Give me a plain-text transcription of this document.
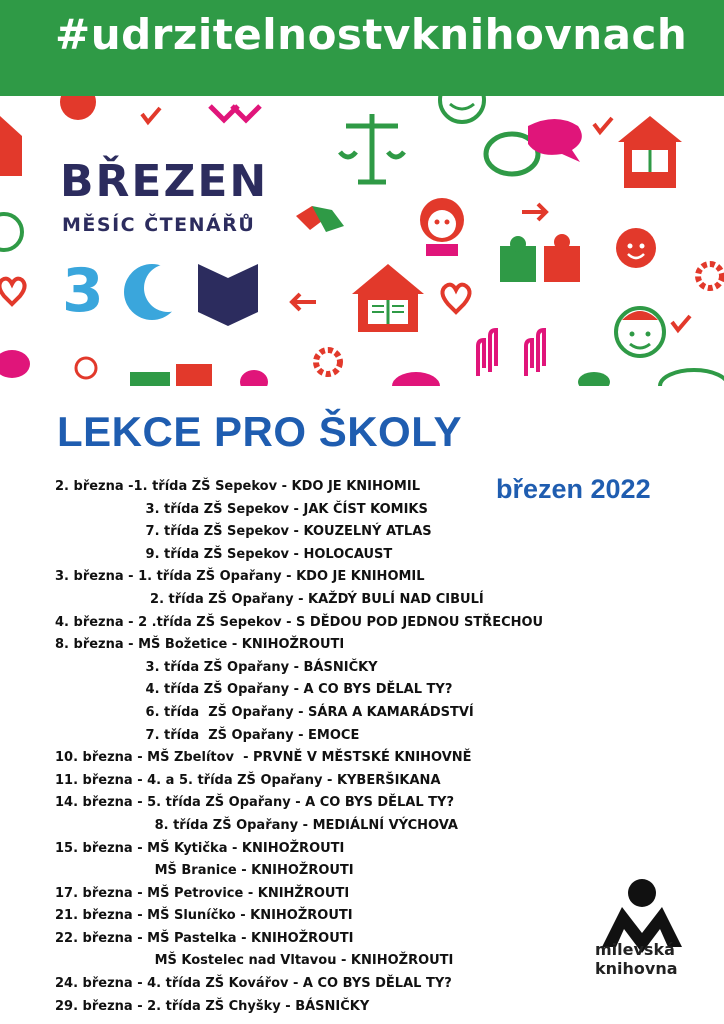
#udrzitelnostvknihovnach
BŘEZEN
MĚSÍC ČTENÁŘŮ
3
LEKCE PRO ŠKOLY
březen 2022
2. března -1. třída ZŠ Sepekov - KDO JE KNIHOMIL
3. třída ZŠ Sepekov - JAK ČÍST KOMIKS
7. třída ZŠ Sepekov - KOUZELNÝ ATLAS
9. třída ZŠ Sepekov - HOLOCAUST
3. března - 1. třída ZŠ Opařany - KDO JE KNIHOMIL
2. třída ZŠ Opařany - KAŽDÝ BULÍ NAD CIBULÍ
4. března - 2 .třída ZŠ Sepekov - S DĚDOU POD JEDNOU STŘECHOU
8. března - MŠ Božetice - KNIHOŽROUTI
3. třída ZŠ Opařany - BÁSNIČKY
4. třída ZŠ Opařany - A CO BYS DĚLAL TY?
6. třída  ZŠ Opařany - SÁRA A KAMARÁDSTVÍ
7. třída  ZŠ Opařany - EMOCE
10. března - MŠ Zbelítov  - PRVNĚ V MĚSTSKÉ KNIHOVNĚ
11. března - 4. a 5. třída ZŠ Opařany - KYBERŠIKANA
14. března - 5. třída ZŠ Opařany - A CO BYS DĚLAL TY?
8. třída ZŠ Opařany - MEDIÁLNÍ VÝCHOVA
15. března - MŠ Kytička - KNIHOŽROUTI
MŠ Branice - KNIHOŽROUTI
17. března - MŠ Petrovice - KNIHŽROUTI
21. března - MŠ Sluníčko - KNIHOŽROUTI
22. března - MŠ Pastelka - KNIHOŽROUTI
MŠ Kostelec nad Vltavou - KNIHOŽROUTI
24. března - 4. třída ZŠ Kovářov - A CO BYS DĚLAL TY?
29. března - 2. třída ZŠ Chyšky - BÁSNIČKY
milevská
knihovna
